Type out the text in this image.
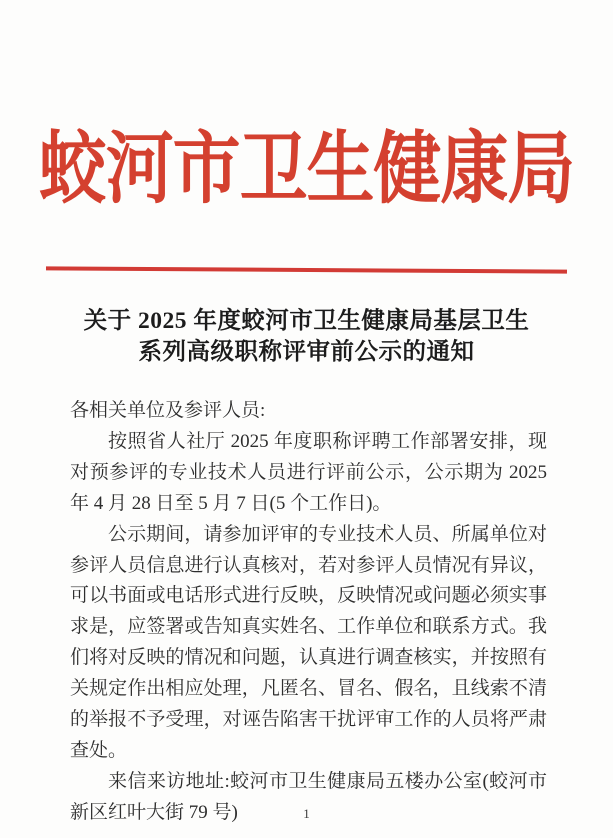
蛟河市卫生健康局
关于 2025 年度蛟河市卫生健康局基层卫生
系列高级职称评审前公示的通知

各相关单位及参评人员:

按照省人社厅 2025 年度职称评聘工作部署安排，现对预参评的专业技术人员进行评前公示，公示期为 2025 年 4 月 28 日至 5 月 7 日(5 个工作日)。

公示期间，请参加评审的专业技术人员、所属单位对参评人员信息进行认真核对，若对参评人员情况有异议，可以书面或电话形式进行反映，反映情况或问题必须实事求是，应签署或告知真实姓名、工作单位和联系方式。我们将对反映的情况和问题，认真进行调查核实，并按照有关规定作出相应处理，凡匿名、冒名、假名，且线索不清的举报不予受理，对诬告陷害干扰评审工作的人员将严肃查处。

来信来访地址:蛟河市卫生健康局五楼办公室(蛟河市新区红叶大街 79 号)	1
